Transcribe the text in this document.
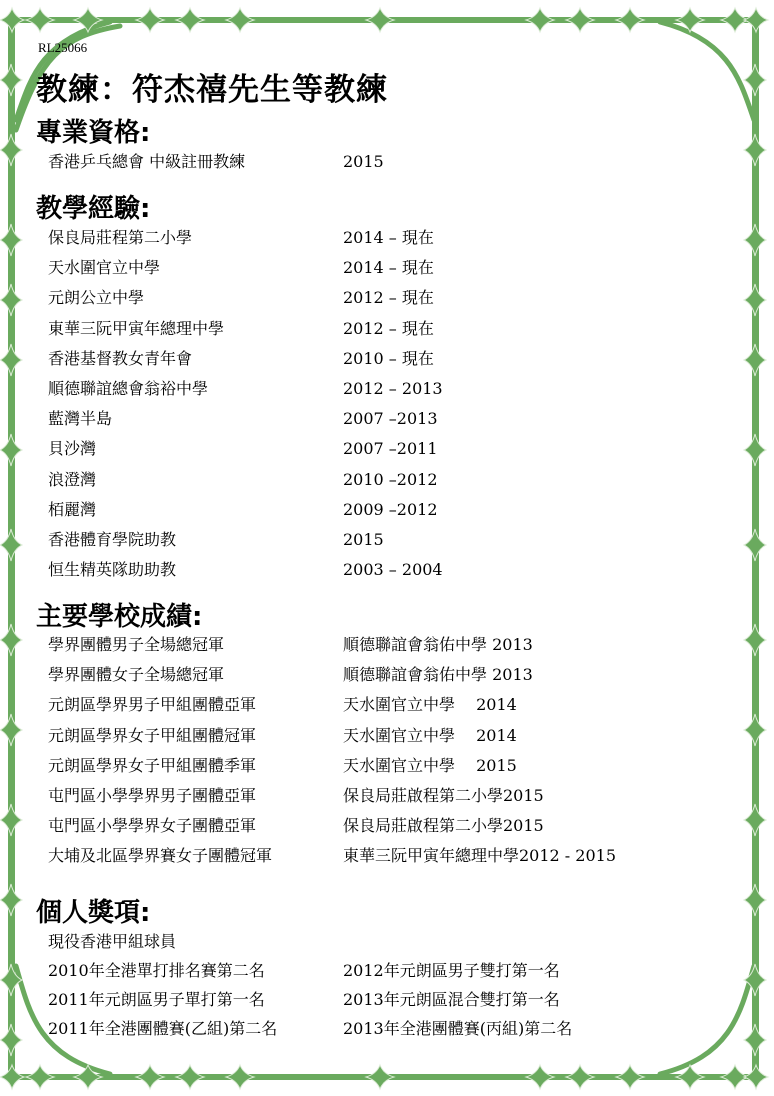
RL25066
教練：符杰禧先生等教練
專業資格:
香港乒乓總會 中級註冊教練	2015
教學經驗:
保良局莊程第二小學	2014 – 現在
天水圍官立中學	2014 – 現在
元朗公立中學	2012 – 現在
東華三阮甲寅年總理中學	2012 – 現在
香港基督教女青年會	2010 – 現在
順德聯誼總會翁裕中學	2012 – 2013
藍灣半島	2007 –2013
貝沙灣	2007 –2011
浪澄灣	2010 –2012
栢麗灣	2009 –2012
香港體育學院助教	2015
恒生精英隊助助教	2003 – 2004
主要學校成績:
學界團體男子全場總冠軍	順德聯誼會翁佑中學 2013
學界團體女子全場總冠軍	順德聯誼會翁佑中學 2013
元朗區學界男子甲組團體亞軍	天水圍官立中學　 2014
元朗區學界女子甲組團體冠軍	天水圍官立中學　 2014
元朗區學界女子甲組團體季軍	天水圍官立中學　 2015
屯門區小學學界男子團體亞軍	保良局莊啟程第二小學2015
屯門區小學學界女子團體亞軍	保良局莊啟程第二小學2015
大埔及北區學界賽女子團體冠軍	東華三阮甲寅年總理中學2012 - 2015
個人獎項:
現役香港甲組球員
2010年全港單打排名賽第二名	2012年元朗區男子雙打第一名
2011年元朗區男子單打第一名	2013年元朗區混合雙打第一名
2011年全港團體賽(乙組)第二名	2013年全港團體賽(丙組)第二名
